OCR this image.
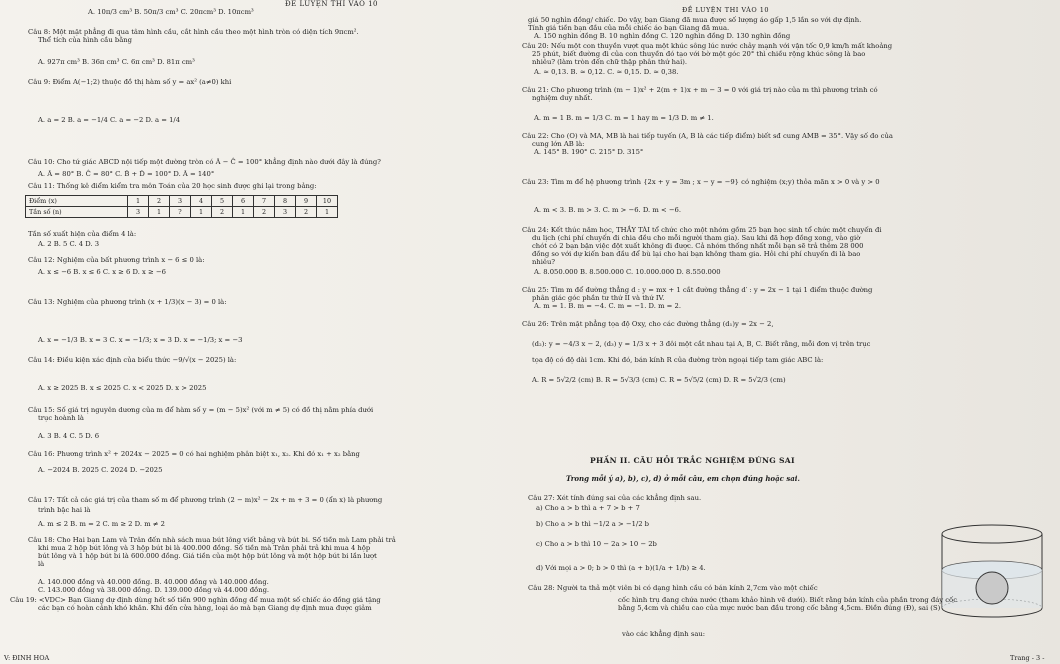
ĐỀ LUYỆN THI VÀO 10
Điểm (x)	1	2	3	4	5	6	7	8	9	10
Tần số (n)	3	1	?	1	2	1	2	3	2	1
Tần số xuất hiện của điểm 4 là:
A. 10π/3 cm³ B. 50π/3 cm³ C. 20πcm³ D. 10πcm³
Câu 8: Một mặt phẳng đi qua tâm hình cầu, cắt hình cầu theo một hình tròn có diện tích 9πcm².
Thể tích của hình cầu bằng
A. 927π cm³ B. 36π cm³ C. 6π cm³ D. 81π cm³
Câu 9: Điểm A(−1;2) thuộc đồ thị hàm số y = ax² (a≠0) khi
A. a = 2 B. a = −1/4 C. a = −2 D. a = 1/4
Câu 10: Cho tứ giác ABCD nội tiếp một đường tròn có Â − Ĉ = 100° khẳng định nào dưới đây là đúng?
A. Â = 80° B. Ĉ = 80° C. B̂ + D̂ = 100° D. Â = 140°
Câu 11: Thống kê điểm kiểm tra môn Toán của 20 học sinh được ghi lại trong bảng:
A. 2 B. 5 C. 4 D. 3
Câu 12: Nghiệm của bất phương trình x − 6 ≤ 0 là:
A. x ≤ −6 B. x ≤ 6 C. x ≥ 6 D. x ≥ −6
Câu 13: Nghiệm của phương trình (x + 1/3)(x − 3) = 0 là:
A. x = −1/3 B. x = 3 C. x = −1/3; x = 3 D. x = −1/3; x = −3
Câu 14: Điều kiện xác định của biểu thức −9/√(x − 2025) là:
A. x ≥ 2025 B. x ≤ 2025 C. x < 2025 D. x > 2025
Câu 15: Số giá trị nguyên dương của m để hàm số y = (m − 5)x² (với m ≠ 5) có đồ thị nằm phía dưới
trục hoành là
A. 3 B. 4 C. 5 D. 6
Câu 16: Phương trình x² + 2024x − 2025 = 0 có hai nghiệm phân biệt x₁, x₂. Khi đó x₁ + x₂ bằng
A. −2024 B. 2025 C. 2024 D. −2025
Câu 17: Tất cả các giá trị của tham số m để phương trình (2 − m)x² − 2x + m + 3 = 0 (ẩn x) là phương
trình bậc hai là
A. m ≤ 2 B. m = 2 C. m ≥ 2 D. m ≠ 2
Câu 18: Cho Hai bạn Lam và Trân đến nhà sách mua bút lông viết bảng và bút bi. Số tiền mà Lam phải trả
khi mua 2 hộp bút lông và 3 hộp bút bi là 400.000 đồng. Số tiền mà Trân phải trả khi mua 4 hộp
bút lông và 1 hộp bút bi là 600.000 đồng. Giá tiền của một hộp bút lông và một hộp bút bi lần lượt
là
A. 140.000 đồng và 40.000 đồng. B. 40.000 đồng và 140.000 đồng.
C. 143.000 đồng và 38.000 đồng. D. 139.000 đồng và 44.000 đồng.
Câu 19: <VDC> Bạn Giang dự định dùng hết số tiền 900 nghìn đồng để mua một số chiếc áo đồng giá tặng
các bạn có hoàn cảnh khó khăn. Khi đến cửa hàng, loại áo mà bạn Giang dự định mua được giảm
ĐỀ LUYỆN THI VÀO 10
PHẦN II. CÂU HỎI TRẮC NGHIỆM ĐÚNG SAI
Trong mỗi ý a), b), c), d) ở mỗi câu, em chọn đúng hoặc sai.
giá 50 nghìn đồng/ chiếc. Do vậy, bạn Giang đã mua được số lượng áo gấp 1,5 lần so với dự định.
Tính giá tiền bạn đầu của mỗi chiếc áo bạn Giang đã mua.
A. 150 nghìn đồng B. 10 nghìn đồng C. 120 nghìn đồng D. 130 nghìn đồng
Câu 20: Nếu một con thuyền vượt qua một khúc sông lúc nước chảy mạnh với vận tốc 0,9 km/h mất khoảng
25 phút, biết đường đi của con thuyền đó tạo với bờ một góc 20° thì chiều rộng khúc sông là bao
nhiêu? (làm tròn đến chữ thập phân thứ hai).
A. ≈ 0,13. B. ≈ 0,12. C. ≈ 0,15. D. ≈ 0,38.
Câu 21: Cho phương trình (m − 1)x² + 2(m + 1)x + m − 3 = 0 với giá trị nào của m thì phương trình có
nghiệm duy nhất.
A. m = 1 B. m = 1/3 C. m = 1 hay m = 1/3 D. m ≠ 1.
Câu 22: Cho (O) và MA, MB là hai tiếp tuyến (A, B là các tiếp điểm) biết sđ cung AMB = 35°. Vậy số đo của
cung lớn AB là:
A. 145° B. 190° C. 215° D. 315°
Câu 23: Tìm m để hệ phương trình {2x + y = 3m ; x − y = −9} có nghiệm (x;y) thỏa mãn x > 0 và y > 0
A. m < 3. B. m > 3. C. m > −6. D. m < −6.
Câu 24: Kết thúc năm học, THẦY TÀI tổ chức cho một nhóm gồm 25 bạn học sinh tổ chức một chuyến đi
du lịch (chi phí chuyến đi chia đều cho mỗi người tham gia). Sau khi đã hợp đồng xong, vào giờ
chót có 2 bạn bận việc đột xuất không đi được. Cả nhóm thống nhất mỗi bạn sẽ trả thêm 28 000
đồng so với dự kiến ban đầu để bù lại cho hai bạn không tham gia. Hỏi chi phí chuyến đi là bao
nhiêu?
A. 8.050.000 B. 8.500.000 C. 10.000.000 D. 8.550.000
Câu 25: Tìm m để đường thẳng d : y = mx + 1 cắt đường thẳng d′ : y = 2x − 1 tại 1 điểm thuộc đường
phân giác góc phần tư thứ II và thứ IV.
A. m = 1. B. m = −4. C. m = −1. D. m = 2.
Câu 26: Trên mặt phẳng tọa độ Oxy, cho các đường thẳng (d₁)y = 2x − 2,
(d₂): y = −4/3 x − 2, (d₃) y = 1/3 x + 3 đôi một cắt nhau tại A, B, C. Biết rằng, mỗi đơn vị trên trục
tọa độ có độ dài 1cm. Khi đó, bán kính R của đường tròn ngoại tiếp tam giác ABC là:
A. R = 5√2/2 (cm) B. R = 5√3/3 (cm) C. R = 5√5/2 (cm) D. R = 5√2/3 (cm)
Câu 27: Xét tính đúng sai của các khẳng định sau.
a) Cho a > b thì a + 7 > b + 7
b) Cho a > b thì −1/2 a > −1/2 b
c) Cho a > b thì 10 − 2a > 10 − 2b
d) Với mọi a > 0; b > 0 thì (a + b)(1/a + 1/b) ≥ 4.
Câu 28: Người ta thả một viên bi có dạng hình cầu có bán kính 2,7cm vào một chiếc
cốc hình trụ đang chứa nước (tham khảo hình vẽ dưới). Biết rằng bán kính của phần trong đáy cốc
bằng 5,4cm và chiều cao của mực nước ban đầu trong cốc bằng 4,5cm. Điền đúng (Đ), sai (S)
vào các khẳng định sau:
V: ĐINH HOA	Trang - 3 -
